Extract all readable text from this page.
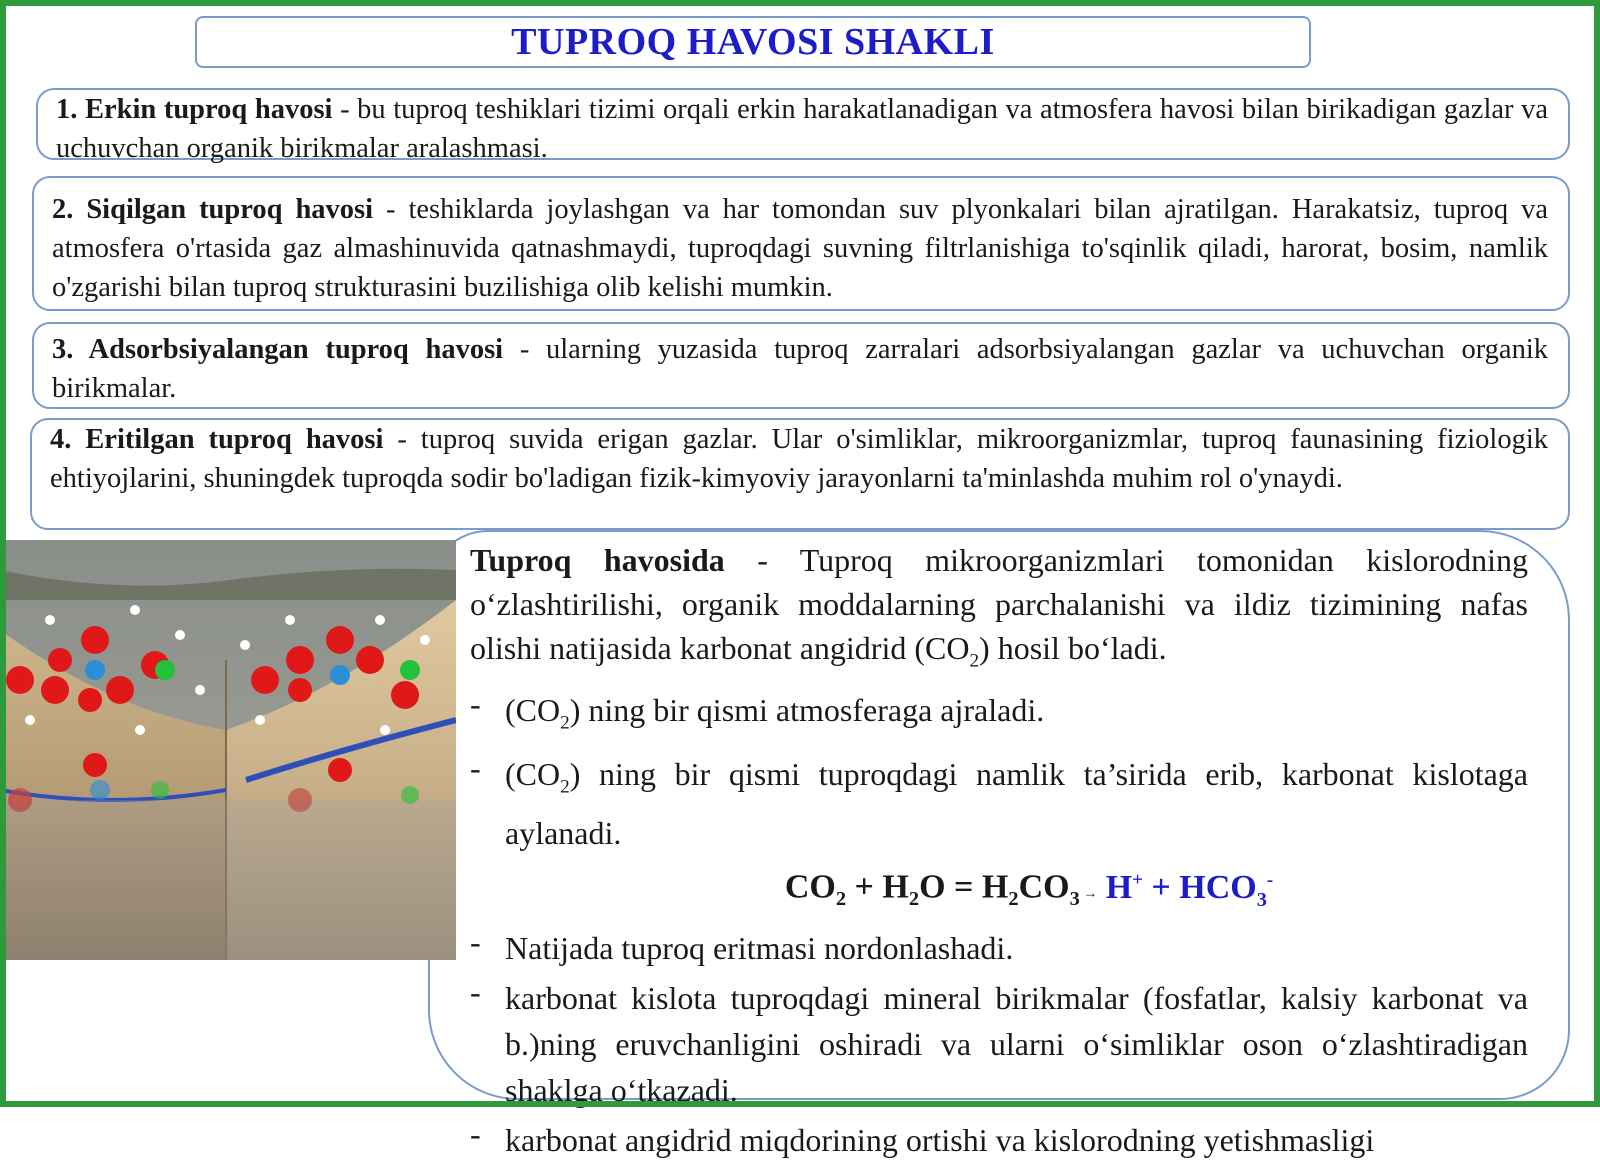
TUPROQ HAVOSI SHAKLI
1. Erkin tuproq havosi - bu tuproq teshiklari tizimi orqali erkin harakatlanadigan va atmosfera havosi bilan birikadigan gazlar va uchuvchan organik birikmalar aralashmasi.
2. Siqilgan tuproq havosi - teshiklarda joylashgan va har tomondan suv plyonkalari bilan ajratilgan. Harakatsiz, tuproq va atmosfera o'rtasida gaz almashinuvida qatnashmaydi, tuproqdagi suvning filtrlanishiga to'sqinlik qiladi, harorat, bosim, namlik o'zgarishi bilan tuproq strukturasini buzilishiga olib kelishi mumkin.
3. Adsorbsiyalangan tuproq havosi - ularning yuzasida tuproq zarralari adsorbsiyalangan gazlar va uchuvchan organik birikmalar.
4. Eritilgan tuproq havosi - tuproq suvida erigan gazlar. Ular o'simliklar, mikroorganizmlar, tuproq faunasining fiziologik ehtiyojlarini, shuningdek tuproqda sodir bo'ladigan fizik-kimyoviy jarayonlarni ta'minlashda muhim rol o'ynaydi.

Tuproq havosida - Tuproq mikroorganizmlari tomonidan kislorodning o‘zlashtirilishi, organik moddalarning parchalanishi va ildiz tizimining nafas olishi natijasida karbonat angidrid $(CO_2)$ hosil bo‘ladi.

- $(CO_2)$ ning bir qismi atmosferaga ajraladi.
- $(CO_2)$ ning bir qismi tuproqdagi namlik ta’sirida erib, karbonat kislotaga aylanadi.
$CO_2 + H_2O = H_2CO_3 \to H^+ + HCO_3^-$
- Natijada tuproq eritmasi nordonlashadi.
- karbonat kislota tuproqdagi mineral birikmalar (fosfatlar, kalsiy karbonat va b.)ning eruvchanligini oshiradi va ularni o‘simliklar oson o‘zlashtiradigan shaklga o‘tkazadi.
- karbonat angidrid miqdorining ortishi va kislorodning yetishmasligi
